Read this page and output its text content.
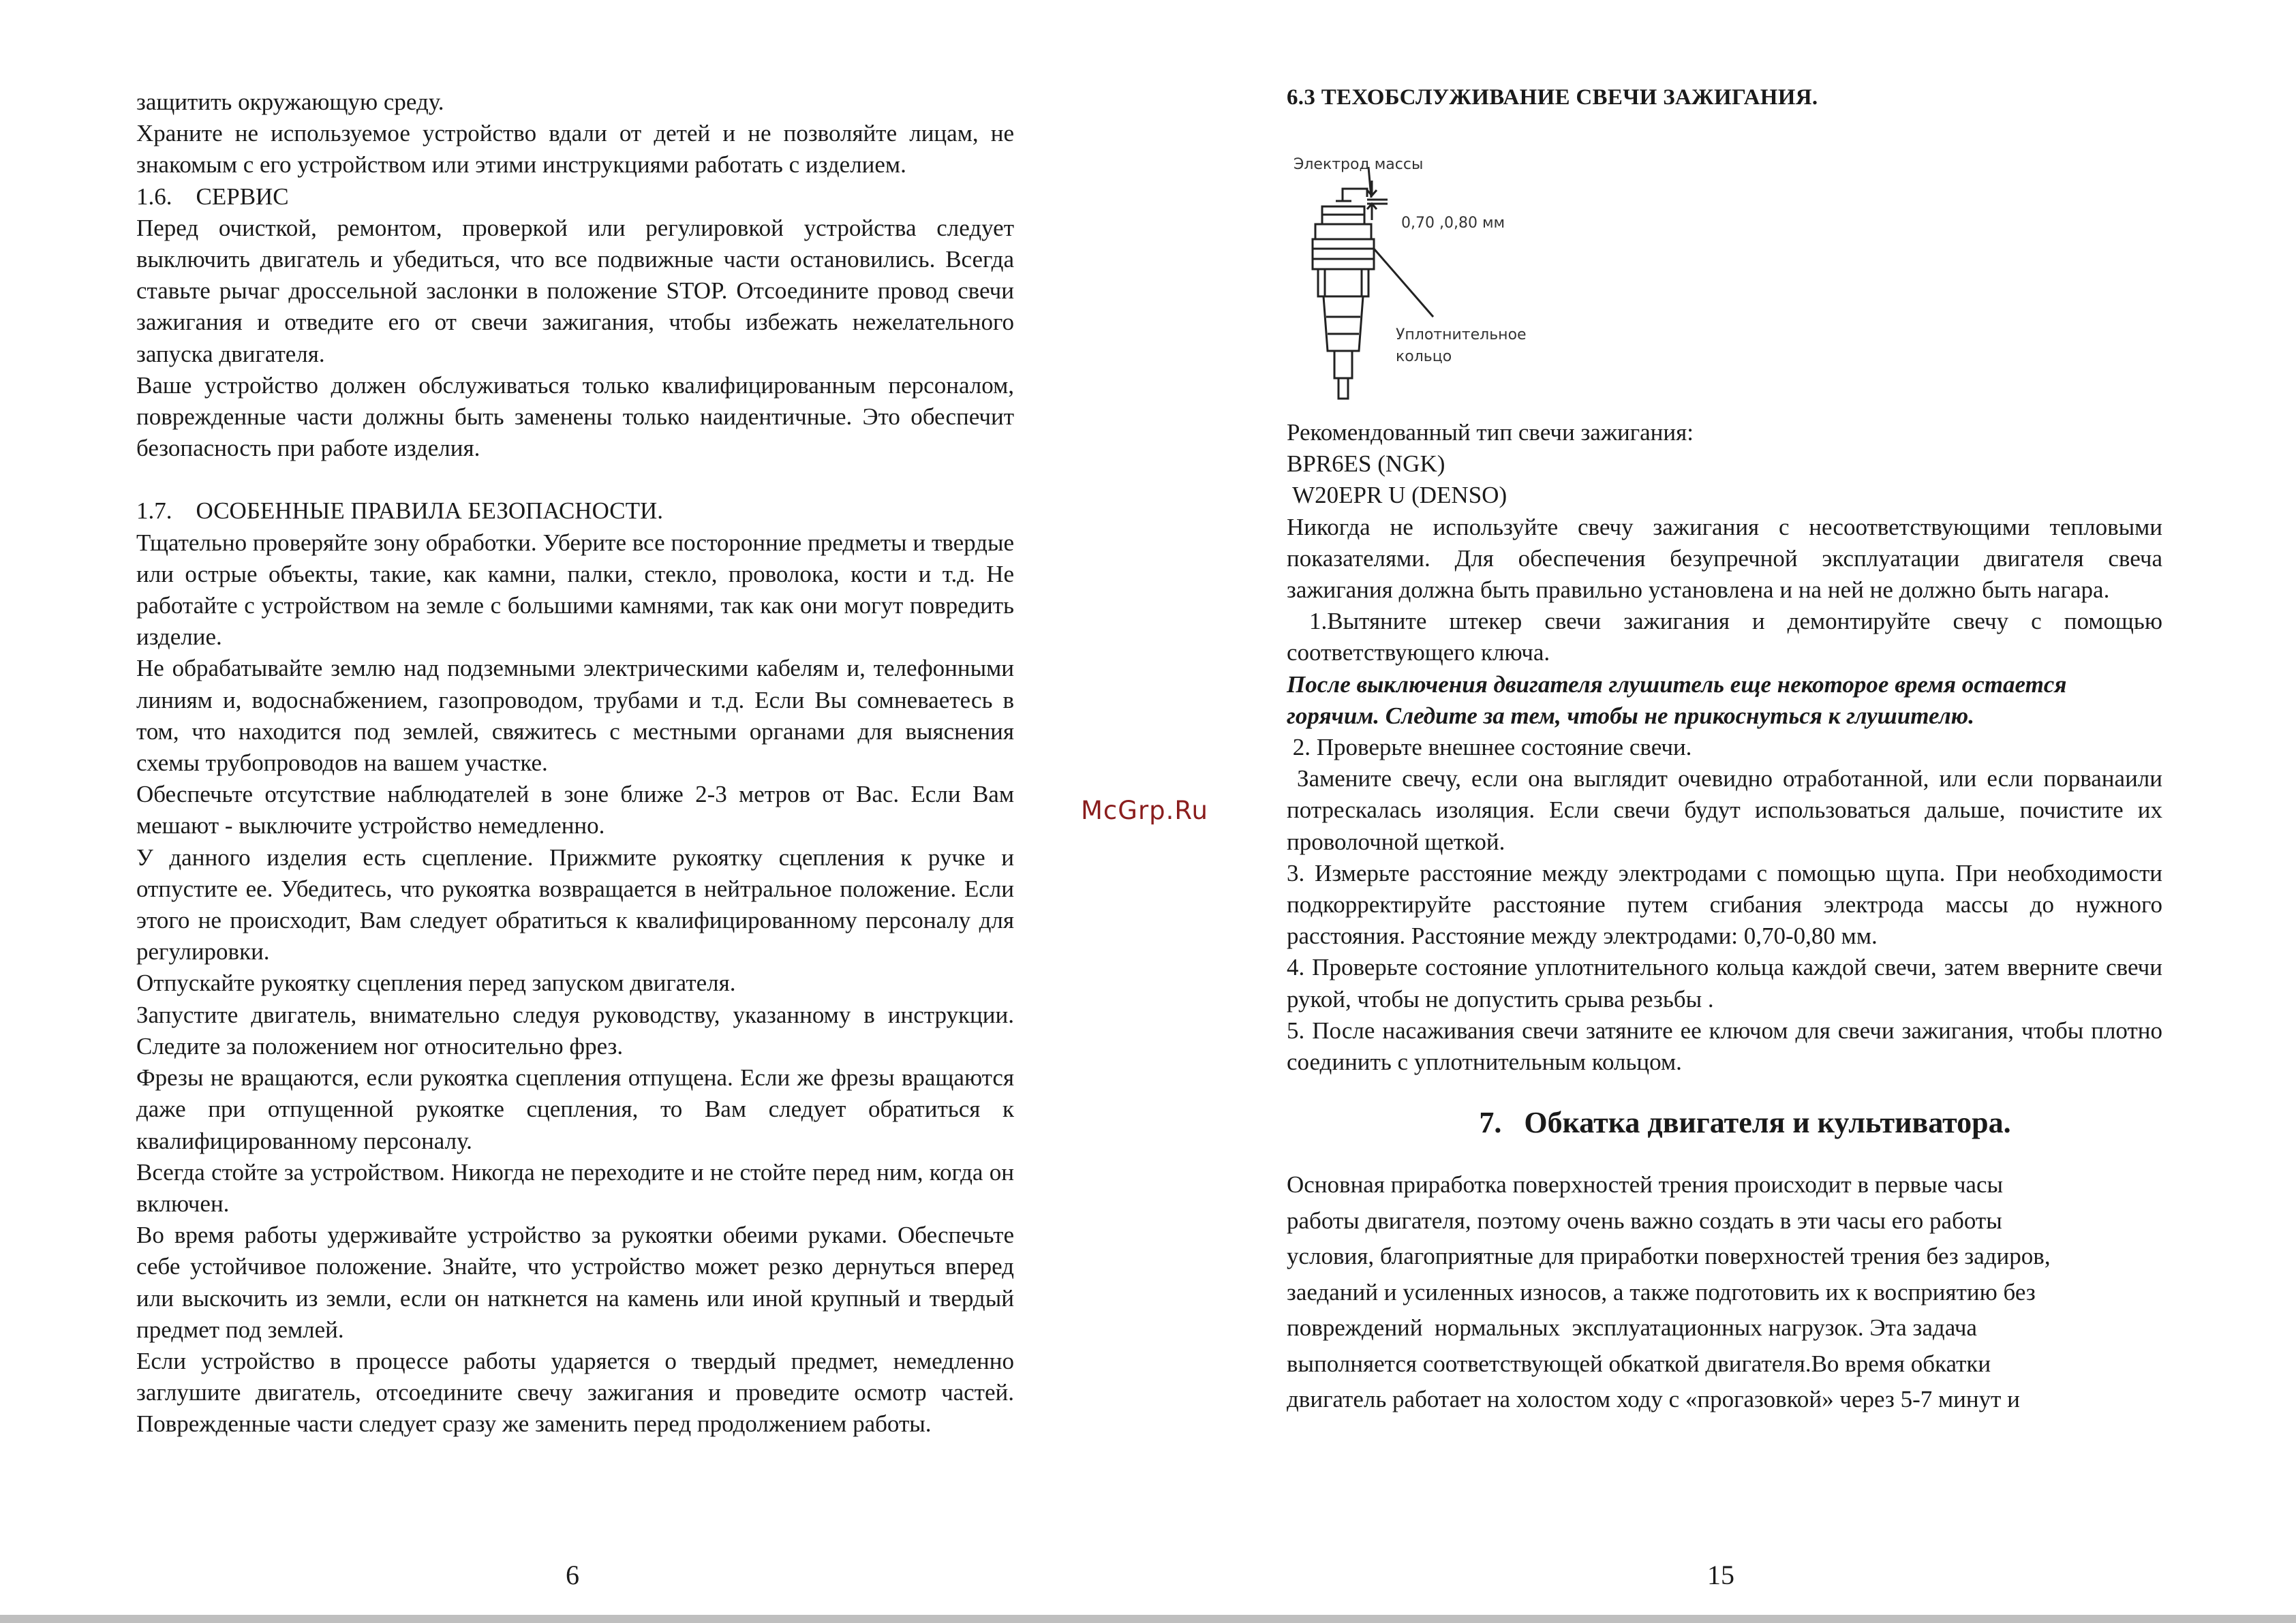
защитить окружающую среду.

Храните не используемое устройство вдали от детей и не позволяйте лицам, не знакомым с его устройством или этими инструкциями работать с изделием.

1.6.    СЕРВИС

Перед очисткой, ремонтом, проверкой или регулировкой устройства следует выключить двигатель и убедиться, что все подвижные части остановились. Всегда ставьте рычаг дроссельной заслонки в положение STOP. Отсоедините провод свечи зажигания и отведите его от свечи зажигания, чтобы избежать нежелательного запуска двигателя.

Ваше устройство должен обслуживаться только квалифицированным персоналом, поврежденные части должны быть заменены только наидентичные. Это обеспечит безопасность при работе изделия.

1.7.    ОСОБЕННЫЕ ПРАВИЛА БЕЗОПАСНОСТИ.

Тщательно проверяйте зону обработки. Уберите все посторонние предметы и твердые или острые объекты, такие, как камни, палки, стекло, проволока, кости и т.д. Не работайте с устройством на земле с большими камнями, так как они могут повредить изделие.

Не обрабатывайте землю над подземными электрическими кабелям и, телефонными линиям и, водоснабжением, газопроводом, трубами и т.д. Если Вы сомневаетесь в том, что находится под землей, свяжитесь с местными органами для выяснения схемы трубопроводов на вашем участке.

Обеспечьте отсутствие наблюдателей в зоне ближе 2-3 метров от Вас. Если Вам мешают - выключите устройство немедленно.

У данного изделия есть сцепление. Прижмите рукоятку сцепления к ручке и отпустите ее. Убедитесь, что рукоятка возвращается в нейтральное положение. Если этого не происходит, Вам следует обратиться к квалифицированному персоналу для регулировки.

Отпускайте рукоятку сцепления перед запуском двигателя.

Запустите двигатель, внимательно следуя руководству, указанному в инструкции. Следите за положением ног относительно фрез.

Фрезы не вращаются, если рукоятка сцепления отпущена. Если же фрезы вращаются даже при отпущенной рукоятке сцепления, то Вам следует обратиться к квалифицированному персоналу.

Всегда стойте за устройством. Никогда не переходите и не стойте перед ним, когда он включен.

Во время работы удерживайте устройство за рукоятки обеими руками. Обеспечьте себе устойчивое положение. Знайте, что устройство может резко дернуться вперед или выскочить из земли, если он наткнется на камень или иной крупный и твердый предмет под землей.

Если устройство в процессе работы ударяется о твердый предмет, немедленно заглушите двигатель, отсоедините свечу зажигания и проведите осмотр частей. Поврежденные части следует сразу же заменить перед продолжением работы.

6

6.3 ТЕХОБСЛУЖИВАНИЕ СВЕЧИ ЗАЖИГАНИЯ.

Электрод массы
0,70 ,0,80 мм
Уплотнительное
кольцо

Рекомендованный тип свечи зажигания:

BPR6ES (NGK)

W20EPR U (DENSO)

Никогда не используйте свечу зажигания с несоответствующими тепловыми показателями. Для обеспечения безупречной эксплуатации двигателя свеча зажигания должна быть правильно установлена и на ней не должно быть нагара.

1.Вытяните штекер свечи зажигания и демонтируйте свечу с помощью соответствующего ключа.

После выключения двигателя глушитель еще некоторое время остается горячим. Следите за тем, чтобы не прикоснуться к глушителю.

2. Проверьте внешнее состояние свечи.

Замените свечу, если она выглядит очевидно отработанной, или если порванаили потрескалась изоляция. Если свечи будут использоваться дальше, почистите их проволочной щеткой.

3. Измерьте расстояние между электродами с помощью щупа. При необходимости подкорректируйте расстояние путем сгибания электрода массы до нужного расстояния. Расстояние между электродами: 0,70-0,80 мм.

4. Проверьте состояние уплотнительного кольца каждой свечи, затем вверните свечи рукой, чтобы не допустить срыва резьбы .

5. После насаживания свечи затяните ее ключом для свечи зажигания, чтобы плотно соединить с уплотнительным кольцом.

7.   Обкатка двигателя и культиватора.

Основная приработка поверхностей трения происходит в первые часы

работы двигателя, поэтому очень важно создать в эти часы его работы

условия, благоприятные для приработки поверхностей трения без задиров,

заеданий и усиленных износов, а также подготовить их к восприятию без

повреждений  нормальных  эксплуатационных нагрузок. Эта задача

выполняется соответствующей обкаткой двигателя.Во время обкатки

двигатель работает на холостом ходу с «прогазовкой» через 5-7 минут и

15
McGrp.Ru
